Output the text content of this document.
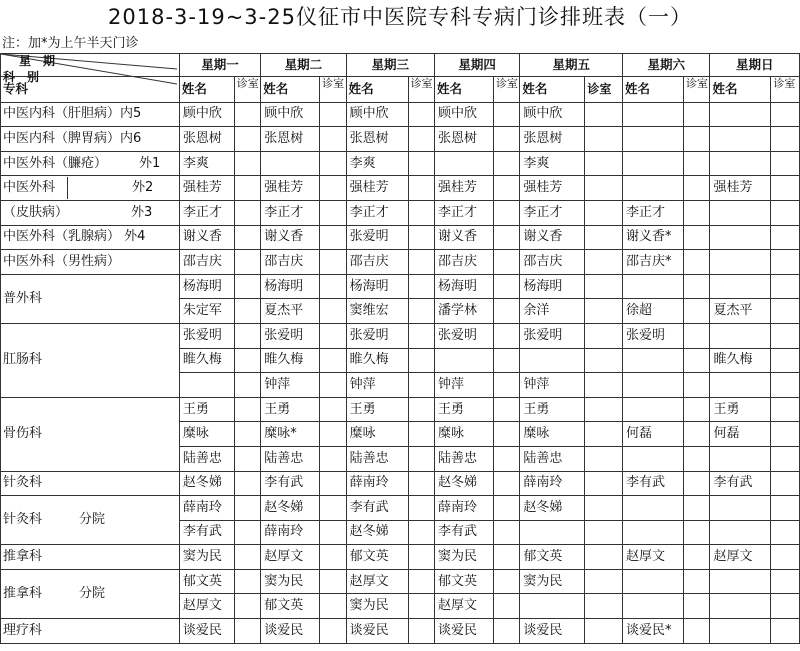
2018-3-19~3-25仪征市中医院专科专病门诊排班表（一）
注：加*为上午半天门诊
星　期
科　别	星期一		星期二		星期三		星期四		星期五		星期六		星期日	

专科	姓名	诊室	姓名	诊室	姓名	诊室	姓名	诊室	姓名	诊室	姓名	诊室	姓名	诊室
中医内科（肝胆病）内5	顾中欣		顾中欣		顾中欣		顾中欣		顾中欣					
中医内科（脾胃病）内6	张恩树		张恩树		张恩树		张恩树		张恩树					
中医外科（臁疮） 外1	李爽				李爽				李爽					
中医外科 外2	强桂芳		强桂芳		强桂芳		强桂芳		强桂芳				强桂芳	
（皮肤病） 外3	李正才		李正才		李正才		李正才		李正才		李正才			
中医外科（乳腺病） 外4	谢义香		谢义香		张爱明		谢义香		谢义香		谢义香*			
中医外科（男性病）	邵吉庆		邵吉庆		邵吉庆		邵吉庆		邵吉庆		邵吉庆*			
普外科	杨海明		杨海明		杨海明		杨海明		杨海明					
	朱定军		夏杰平		窦维宏		潘学林		余洋		徐超		夏杰平	
肛肠科	张爱明		张爱明		张爱明		张爱明		张爱明		张爱明			
	睢久梅		睢久梅		睢久梅								睢久梅	
			钟萍		钟萍		钟萍		钟萍					
骨伤科	王勇		王勇		王勇		王勇		王勇				王勇	
	糜咏		糜咏*		糜咏		糜咏		糜咏		何磊		何磊	
	陆善忠		陆善忠		陆善忠		陆善忠		陆善忠					
针灸科	赵冬娣		李有武		薛南玲		赵冬娣		薛南玲		李有武		李有武	
针灸科 分院	薛南玲		赵冬娣		李有武		薛南玲		赵冬娣					
	李有武		薛南玲		赵冬娣		李有武							
推拿科	窦为民		赵厚文		郁文英		窦为民		郁文英		赵厚文		赵厚文	
推拿科 分院	郁文英		窦为民		赵厚文		郁文英		窦为民					
	赵厚文		郁文英		窦为民		赵厚文							
理疗科	谈爱民		谈爱民		谈爱民		谈爱民		谈爱民		谈爱民*			
